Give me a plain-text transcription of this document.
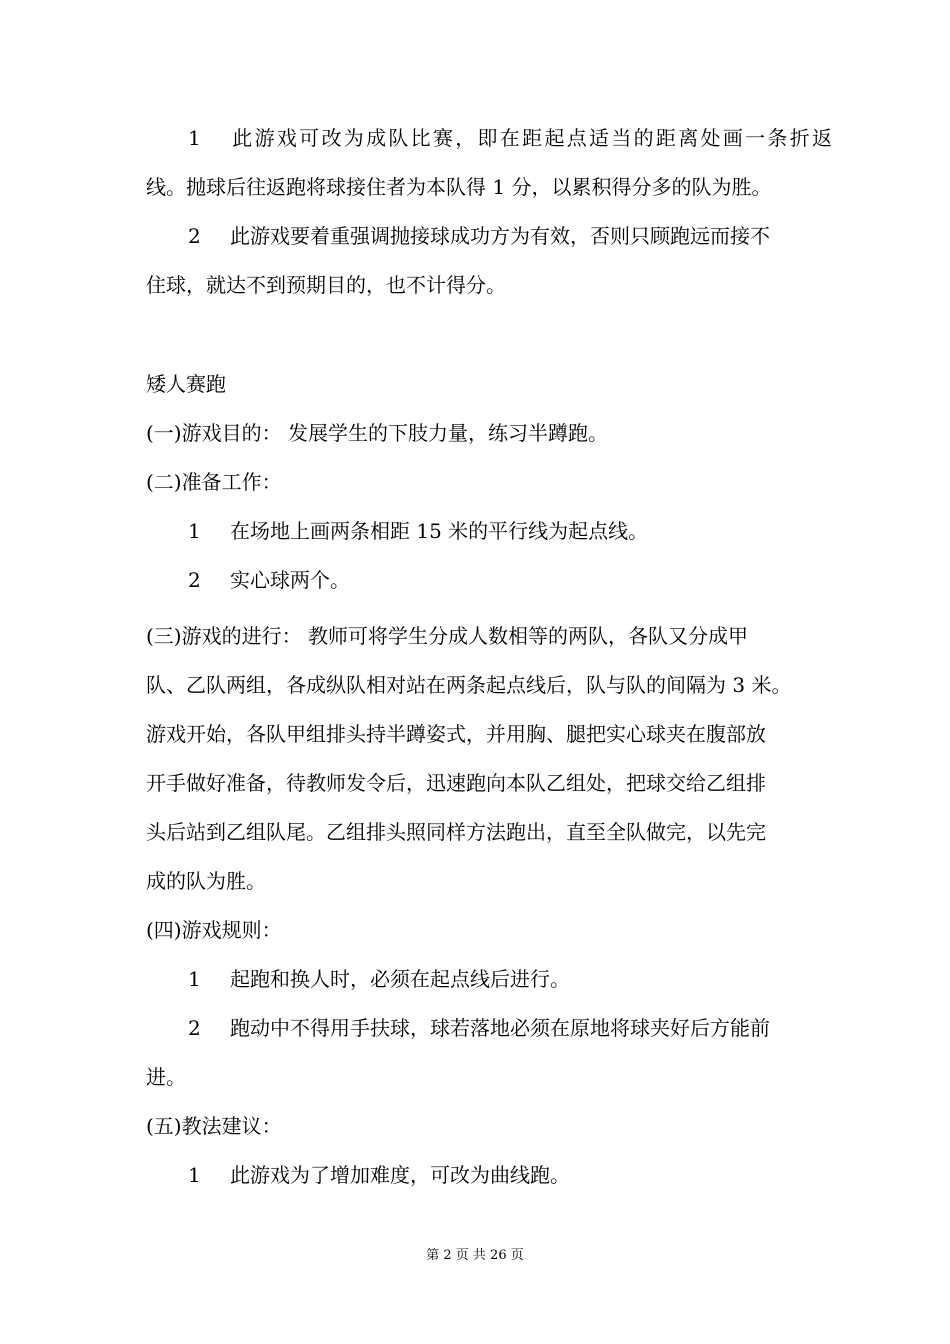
1 此游戏可改为成队比赛，即在距起点适当的距离处画一条折返
线。抛球后往返跑将球接住者为本队得 1 分，以累积得分多的队为胜。
2 此游戏要着重强调抛接球成功方为有效，否则只顾跑远而接不
住球，就达不到预期目的，也不计得分。
矮人赛跑
(一)游戏目的： 发展学生的下肢力量，练习半蹲跑。
(二)准备工作：
1 在场地上画两条相距 15 米的平行线为起点线。
2 实心球两个。
(三)游戏的进行： 教师可将学生分成人数相等的两队，各队又分成甲
队、乙队两组，各成纵队相对站在两条起点线后，队与队的间隔为 3 米。
游戏开始，各队甲组排头持半蹲姿式，并用胸、腿把实心球夹在腹部放
开手做好准备，待教师发令后，迅速跑向本队乙组处，把球交给乙组排
头后站到乙组队尾。乙组排头照同样方法跑出，直至全队做完，以先完
成的队为胜。
(四)游戏规则：
1 起跑和换人时，必须在起点线后进行。
2 跑动中不得用手扶球，球若落地必须在原地将球夹好后方能前
进。
(五)教法建议：
1 此游戏为了增加难度，可改为曲线跑。
第 2 页 共 26 页
